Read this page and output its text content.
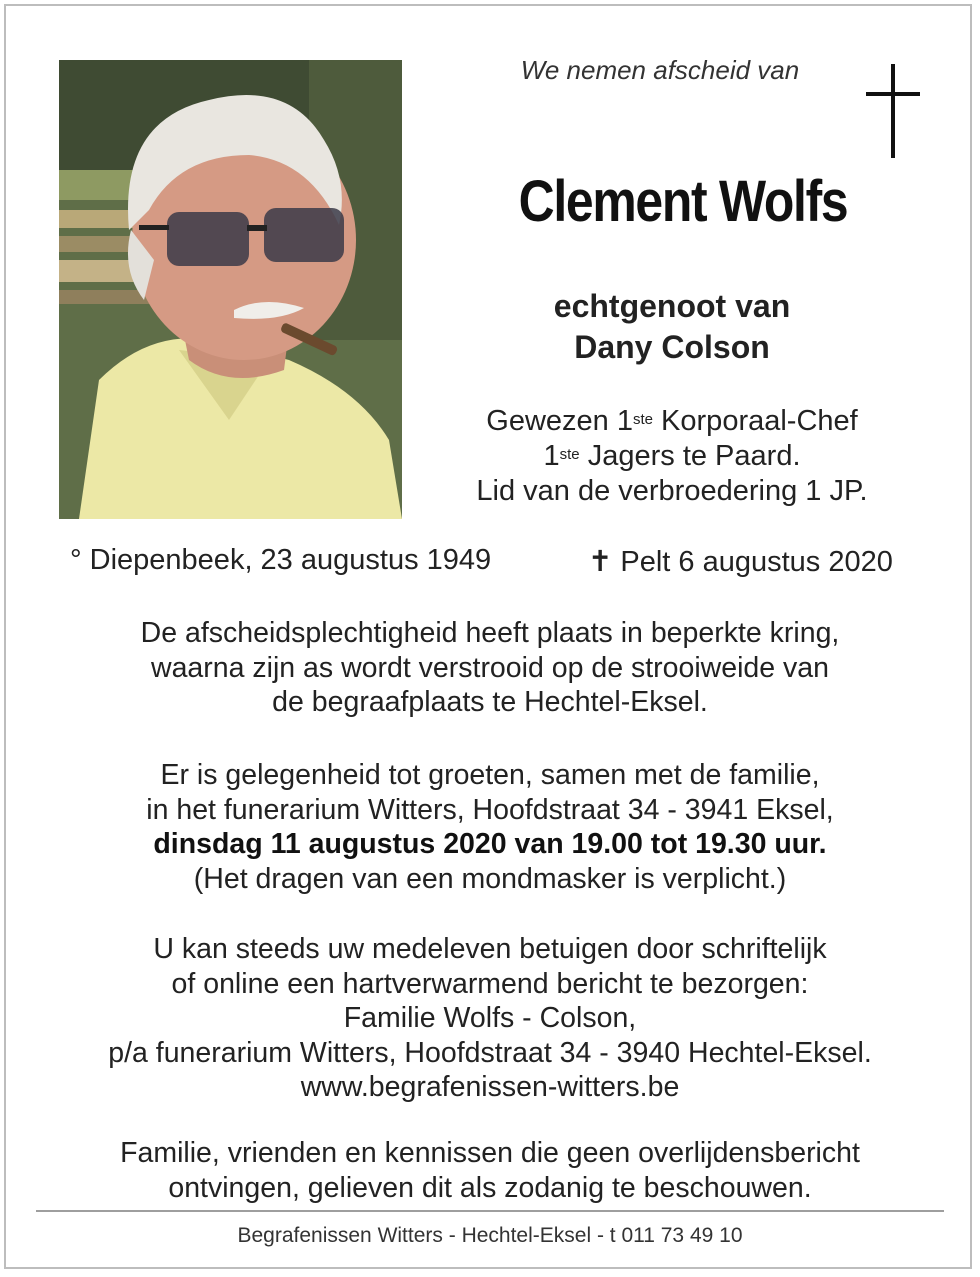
We nemen afscheid van
Clement Wolfs
echtgenoot van
Dany Colson
Gewezen 1ste Korporaal-Chef
1ste Jagers te Paard.
Lid van de verbroedering 1 JP.
° Diepenbeek, 23 augustus 1949	✝ Pelt 6 augustus 2020
De afscheidsplechtigheid heeft plaats in beperkte kring,
waarna zijn as wordt verstrooid op de strooiweide van
de begraafplaats te Hechtel-Eksel.
Er is gelegenheid tot groeten, samen met de familie,
in het funerarium Witters, Hoofdstraat 34 - 3941 Eksel,
dinsdag 11 augustus 2020 van 19.00 tot 19.30 uur.
(Het dragen van een mondmasker is verplicht.)
U kan steeds uw medeleven betuigen door schriftelijk
of online een hartverwarmend bericht te bezorgen:
Familie Wolfs - Colson,
p/a funerarium Witters, Hoofdstraat 34 - 3940 Hechtel-Eksel.
www.begrafenissen-witters.be
Familie, vrienden en kennissen die geen overlijdensbericht
ontvingen, gelieven dit als zodanig te beschouwen.
Begrafenissen Witters - Hechtel-Eksel - t 011 73 49 10
